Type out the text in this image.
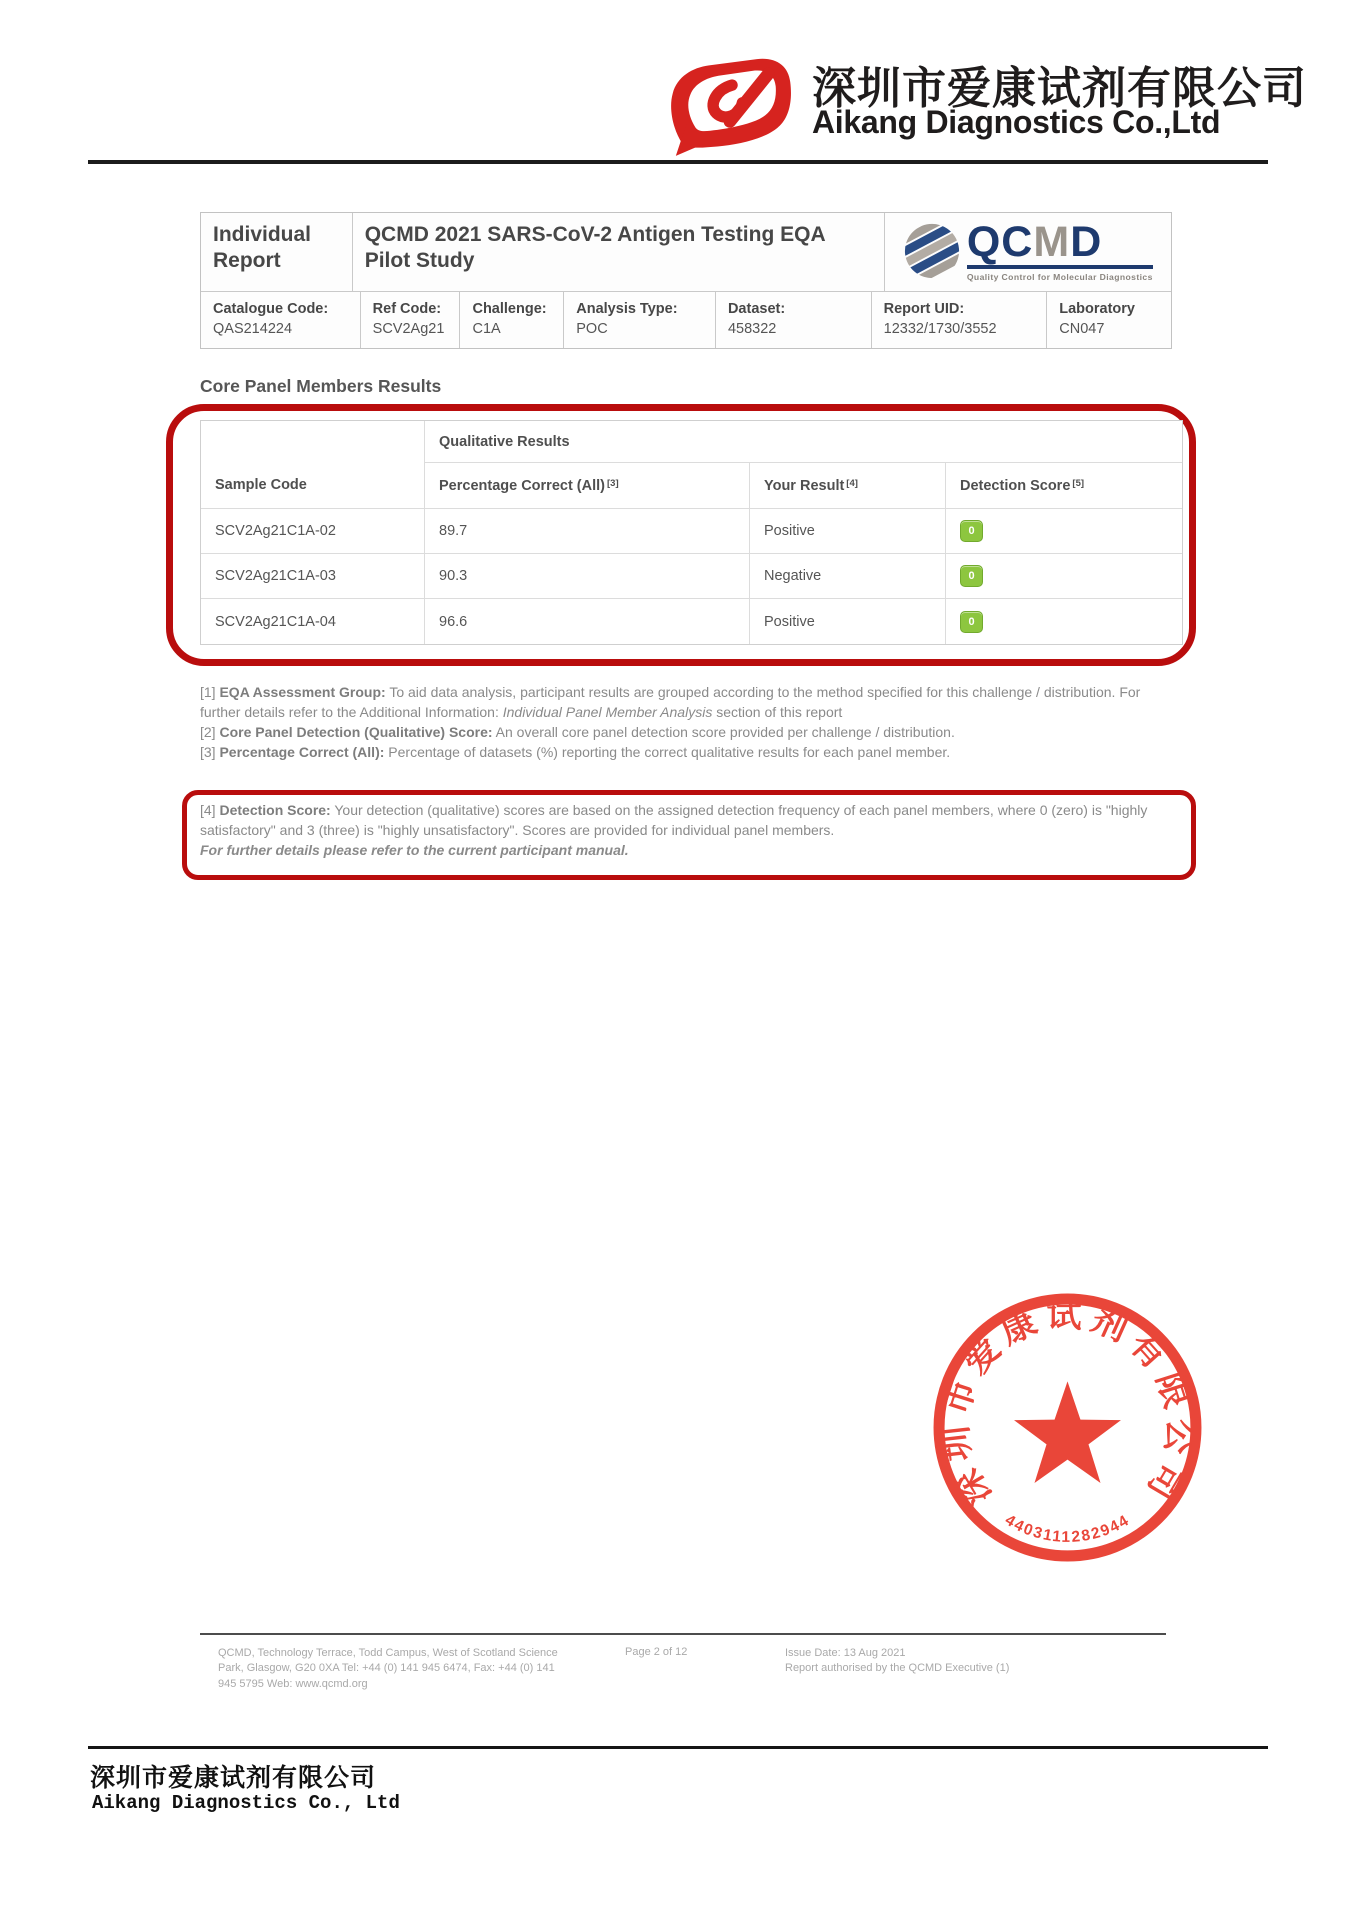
深圳市爱康试剂有限公司
Aikang Diagnostics Co.,Ltd
Individual Report
QCMD 2021 SARS-CoV-2 Antigen Testing EQA Pilot Study	QCMD
Quality Control for Molecular Diagnostics
Catalogue Code:
QAS214224
Ref Code:
SCV2Ag21
Challenge:
C1A
Analysis Type:
POC
Dataset:
458322
Report UID:
12332/1730/3552
Laboratory
CN047
Core Panel Members Results
Sample Code
Qualitative Results
Percentage Correct (All) [3]	Your Result [4]	Detection Score [5]
SCV2Ag21C1A-02	89.7	Positive	0
SCV2Ag21C1A-03	90.3	Negative	0
SCV2Ag21C1A-04	96.6	Positive	0

[1] EQA Assessment Group: To aid data analysis, participant results are grouped according to the method specified for this challenge / distribution. For further details refer to the Additional Information: Individual Panel Member Analysis section of this report

[2] Core Panel Detection (Qualitative) Score: An overall core panel detection score provided per challenge / distribution.

[3] Percentage Correct (All): Percentage of datasets (%) reporting the correct qualitative results for each panel member.

[4] Detection Score: Your detection (qualitative) scores are based on the assigned detection frequency of each panel members, where 0 (zero) is "highly satisfactory" and 3 (three) is "highly unsatisfactory". Scores are provided for individual panel members.
For further details please refer to the current participant manual.
深圳市爱康试剂有限公司
4403111282944
QCMD, Technology Terrace, Todd Campus, West of Scotland Science Park, Glasgow, G20 0XA Tel: +44 (0) 141 945 6474, Fax: +44 (0) 141 945 5795 Web: www.qcmd.org
Page 2 of 12	Issue Date: 13 Aug 2021
Report authorised by the QCMD Executive (1)
深圳市爱康试剂有限公司
Aikang Diagnostics Co., Ltd
